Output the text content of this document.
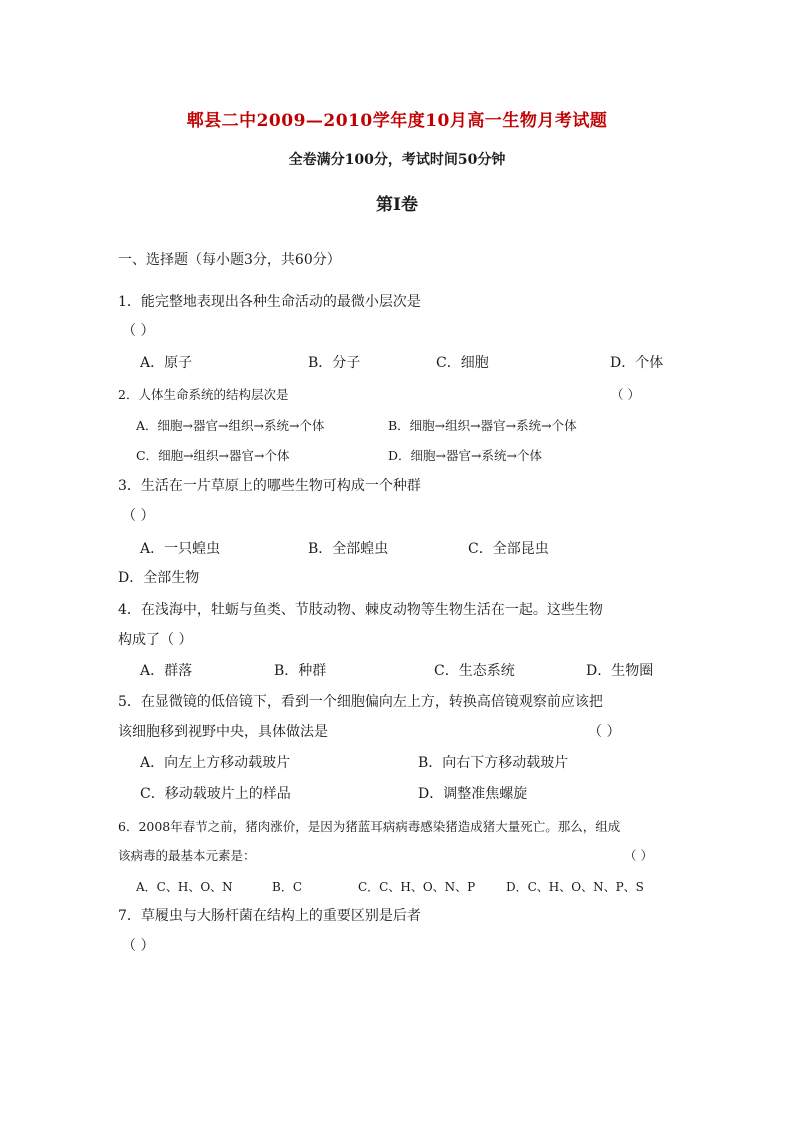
郫县二中2009—2010学年度10月高一生物月考试题
全卷满分100分，考试时间50分钟
第I卷
一、选择题（每小题3分，共60分）
1．能完整地表现出各种生命活动的最微小层次是
（ ）
A．原子	B．分子	C．细胞	D．个体
2．人体生命系统的结构层次是	（ ）
A．细胞→器官→组织→系统→个体	B．细胞→组织→器官→系统→个体
C．细胞→组织→器官→个体	D．细胞→器官→系统→个体
3．生活在一片草原上的哪些生物可构成一个种群
（ ）
A．一只蝗虫	B．全部蝗虫	C．全部昆虫
D．全部生物
4．在浅海中，牡蛎与鱼类、节肢动物、棘皮动物等生物生活在一起。这些生物
构成了（ ）
A．群落	B．种群	C．生态系统	D．生物圈
5．在显微镜的低倍镜下，看到一个细胞偏向左上方，转换高倍镜观察前应该把
该细胞移到视野中央，具体做法是	（ ）
A．向左上方移动载玻片	B．向右下方移动载玻片
C．移动载玻片上的样品	D．调整准焦螺旋
6．2008年春节之前，猪肉涨价，是因为猪蓝耳病病毒感染猪造成猪大量死亡。那么，组成
该病毒的最基本元素是：	（ ）
A．C、H、O、N	B．C	C．C、H、O、N、P	D．C、H、O、N、P、S
7．草履虫与大肠杆菌在结构上的重要区别是后者
（ ）
